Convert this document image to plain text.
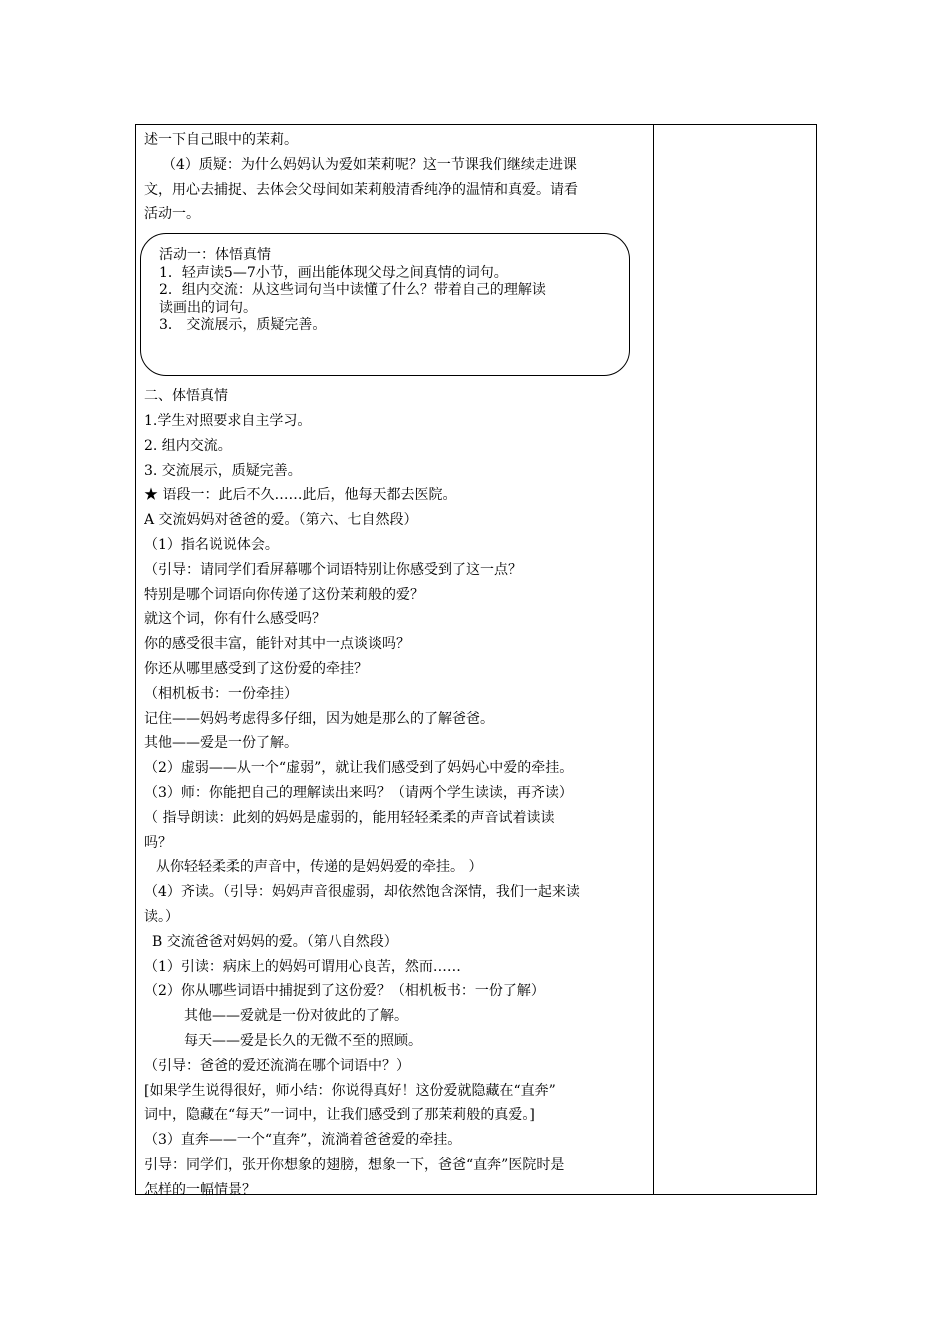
述一下自己眼中的茉莉。
（4）质疑：为什么妈妈认为爱如茉莉呢？这一节课我们继续走进课
文，用心去捕捉、去体会父母间如茉莉般清香纯净的温情和真爱。请看
活动一。
活动一：体悟真情
1．轻声读5—7小节，画出能体现父母之间真情的词句。
2．组内交流：从这些词句当中读懂了什么？带着自己的理解读
读画出的词句。
3． 交流展示，质疑完善。
二、体悟真情
1.学生对照要求自主学习。
2. 组内交流。
3. 交流展示，质疑完善。
★ 语段一：此后不久……此后，他每天都去医院。
A 交流妈妈对爸爸的爱。（第六、七自然段）
（1）指名说说体会。
（引导：请同学们看屏幕哪个词语特别让你感受到了这一点？
特别是哪个词语向你传递了这份茉莉般的爱？
就这个词，你有什么感受吗？
你的感受很丰富，能针对其中一点谈谈吗？
你还从哪里感受到了这份爱的牵挂？
（相机板书：一份牵挂）
记住——妈妈考虑得多仔细，因为她是那么的了解爸爸。
其他——爱是一份了解。
（2）虚弱——从一个“虚弱”，就让我们感受到了妈妈心中爱的牵挂。
（3）师：你能把自己的理解读出来吗？（请两个学生读读，再齐读）
（ 指导朗读：此刻的妈妈是虚弱的，能用轻轻柔柔的声音试着读读
吗？
从你轻轻柔柔的声音中，传递的是妈妈爱的牵挂。 ）
（4）齐读。（引导：妈妈声音很虚弱，却依然饱含深情，我们一起来读
读。）
B 交流爸爸对妈妈的爱。（第八自然段）
（1）引读：病床上的妈妈可谓用心良苦，然而……
（2）你从哪些词语中捕捉到了这份爱？（相机板书：一份了解）
其他——爱就是一份对彼此的了解。
每天——爱是长久的无微不至的照顾。
（引导：爸爸的爱还流淌在哪个词语中？）
[如果学生说得很好，师小结：你说得真好！这份爱就隐藏在“直奔”
词中，隐藏在“每天”一词中，让我们感受到了那茉莉般的真爱。]
（3）直奔——一个“直奔”，流淌着爸爸爱的牵挂。
引导：同学们，张开你想象的翅膀，想象一下，爸爸“直奔”医院时是
怎样的一幅情景？
